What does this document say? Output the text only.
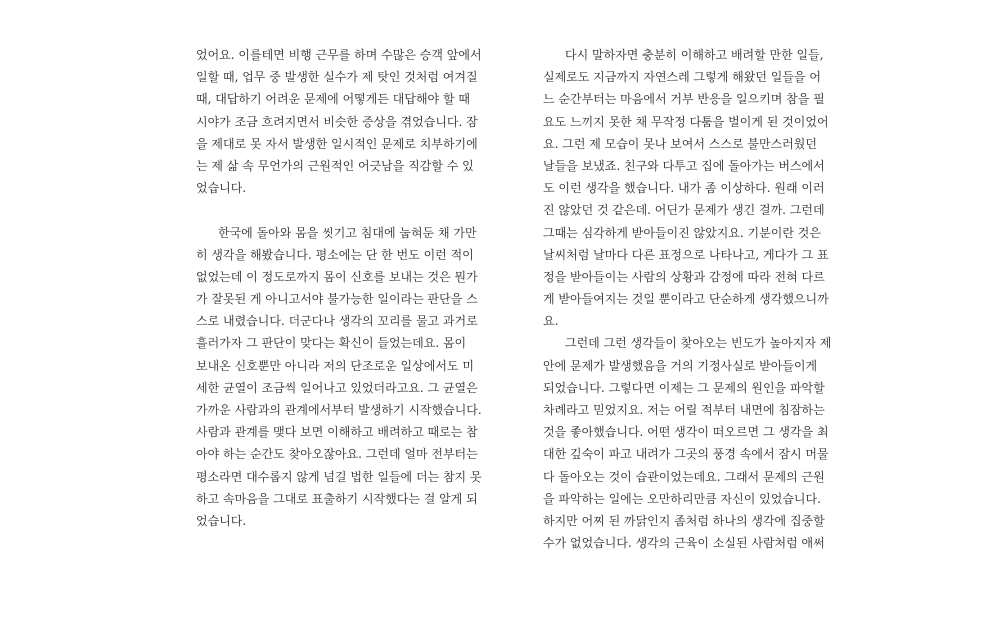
었어요. 이를테면 비행 근무를 하며 수많은 승객 앞에서
일할 때, 업무 중 발생한 실수가 제 탓인 것처럼 여겨질
때, 대답하기 어려운 문제에 어떻게든 대답해야 할 때
시야가 조금 흐려지면서 비슷한 증상을 겪었습니다. 잠
을 제대로 못 자서 발생한 일시적인 문제로 치부하기에
는 제 삶 속 무언가의 근원적인 어긋남을 직감할 수 있
었습니다.
한국에 돌아와 몸을 씻기고 침대에 눕혀둔 채 가만
히 생각을 해봤습니다. 평소에는 단 한 번도 이런 적이
없었는데 이 정도로까지 몸이 신호를 보내는 것은 뭔가
가 잘못된 게 아니고서야 불가능한 일이라는 판단을 스
스로 내렸습니다. 더군다나 생각의 꼬리를 물고 과거로
흘러가자 그 판단이 맞다는 확신이 들었는데요. 몸이
보내온 신호뿐만 아니라 저의 단조로운 일상에서도 미
세한 균열이 조금씩 일어나고 있었더라고요. 그 균열은
가까운 사람과의 관계에서부터 발생하기 시작했습니다.
사람과 관계를 맺다 보면 이해하고 배려하고 때로는 참
아야 하는 순간도 찾아오잖아요. 그런데 얼마 전부터는
평소라면 대수롭지 않게 넘길 법한 일들에 더는 참지 못
하고 속마음을 그대로 표출하기 시작했다는 걸 알게 되
었습니다.
다시 말하자면 충분히 이해하고 배려할 만한 일들,
실제로도 지금까지 자연스레 그렇게 해왔던 일들을 어
느 순간부터는 마음에서 거부 반응을 일으키며 참을 필
요도 느끼지 못한 채 무작정 다툼을 벌이게 된 것이었어
요. 그런 제 모습이 못나 보여서 스스로 불만스러웠던
날들을 보냈죠. 친구와 다투고 집에 돌아가는 버스에서
도 이런 생각을 했습니다. 내가 좀 이상하다. 원래 이러
진 않았던 것 같은데. 어딘가 문제가 생긴 걸까. 그런데
그때는 심각하게 받아들이진 않았지요. 기분이란 것은
날씨처럼 날마다 다른 표정으로 나타나고, 게다가 그 표
정을 받아들이는 사람의 상황과 감정에 따라 전혀 다르
게 받아들여지는 것일 뿐이라고 단순하게 생각했으니까
요.
그런데 그런 생각들이 찾아오는 빈도가 높아지자 제
안에 문제가 발생했음을 거의 기정사실로 받아들이게
되었습니다. 그렇다면 이제는 그 문제의 원인을 파악할
차례라고 믿었지요. 저는 어릴 적부터 내면에 침잠하는
것을 좋아했습니다. 어떤 생각이 떠오르면 그 생각을 최
대한 깊숙이 파고 내려가 그곳의 풍경 속에서 잠시 머물
다 돌아오는 것이 습관이었는데요. 그래서 문제의 근원
을 파악하는 일에는 오만하리만큼 자신이 있었습니다.
하지만 어찌 된 까닭인지 좀처럼 하나의 생각에 집중할
수가 없었습니다. 생각의 근육이 소실된 사람처럼 애써
